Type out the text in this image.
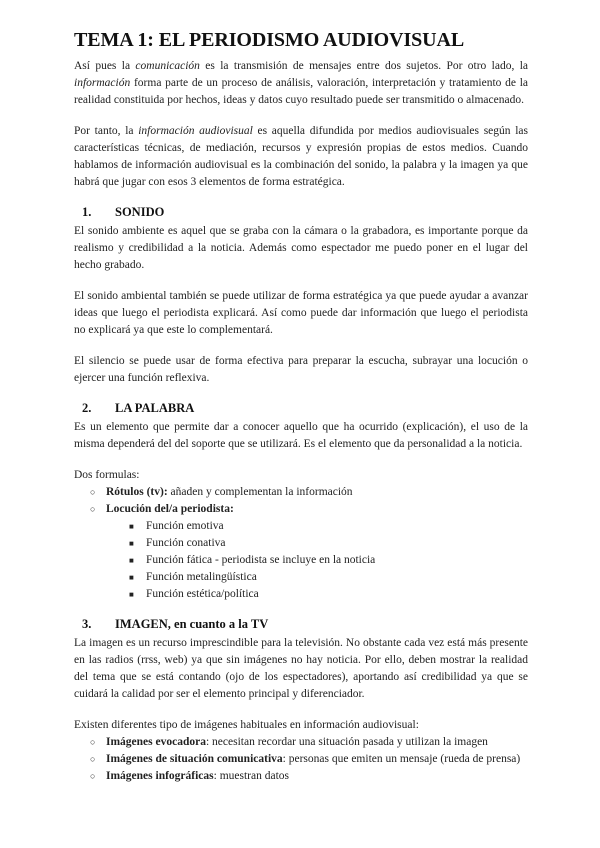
TEMA 1: EL PERIODISMO AUDIOVISUAL

Así pues la comunicación es la transmisión de mensajes entre dos sujetos. Por otro lado, la información forma parte de un proceso de análisis, valoración, interpretación y tratamiento de la realidad constituida por hechos, ideas y datos cuyo resultado puede ser transmitido o almacenado.

Por tanto, la información audiovisual es aquella difundida por medios audiovisuales según las características técnicas, de mediación, recursos y expresión propias de estos medios. Cuando hablamos de información audiovisual es la combinación del sonido, la palabra y la imagen ya que habrá que jugar con esos 3 elementos de forma estratégica.

1. SONIDO

El sonido ambiente es aquel que se graba con la cámara o la grabadora, es importante porque da realismo y credibilidad a la noticia. Además como espectador me puedo poner en el lugar del hecho grabado.

El sonido ambiental también se puede utilizar de forma estratégica ya que puede ayudar a avanzar ideas que luego el periodista explicará. Así como puede dar información que luego el periodista no explicará ya que este lo complementará.

El silencio se puede usar de forma efectiva para preparar la escucha, subrayar una locución o ejercer una función reflexiva.

2. LA PALABRA

Es un elemento que permite dar a conocer aquello que ha ocurrido (explicación), el uso de la misma dependerá del del soporte que se utilizará. Es el elemento que da personalidad a la noticia.

Dos formulas:

○ Rótulos (tv): añaden y complementan la información
○ Locución del/a periodista:
■ Función emotiva
■ Función conativa
■ Función fática - periodista se incluye en la noticia
■ Función metalingüística
■ Función estética/política
3. IMAGEN, en cuanto a la TV

La imagen es un recurso imprescindible para la televisión. No obstante cada vez está más presente en las radios (rrss, web) ya que sin imágenes no hay noticia. Por ello, deben mostrar la realidad del tema que se está contando (ojo de los espectadores), aportando así credibilidad ya que se cuidará la calidad por ser el elemento principal y diferenciador.

Existen diferentes tipo de imágenes habituales en información audiovisual:

○ Imágenes evocadora: necesitan recordar una situación pasada y utilizan la imagen
○ Imágenes de situación comunicativa: personas que emiten un mensaje (rueda de prensa)
○ Imágenes infográficas: muestran datos
